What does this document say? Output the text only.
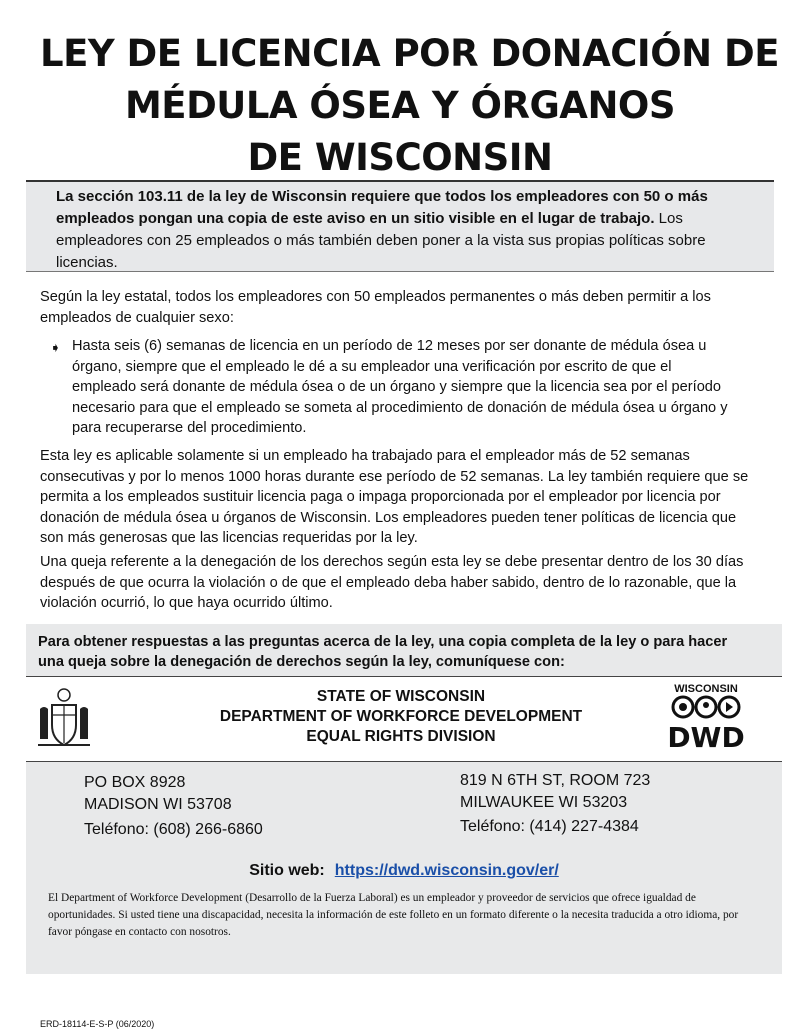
LEY DE LICENCIA POR DONACIÓN DE
MÉDULA ÓSEA Y ÓRGANOS
DE WISCONSIN
La sección 103.11 de la ley de Wisconsin requiere que todos los empleadores con 50 o más empleados pongan una copia de este aviso en un sitio visible en el lugar de trabajo. Los empleadores con 25 empleados o más también deben poner a la vista sus propias políticas sobre licencias.
Según la ley estatal, todos los empleadores con 50 empleados permanentes o más deben permitir a los empleados de cualquier sexo:
➧ Hasta seis (6) semanas de licencia en un período de 12 meses por ser donante de médula ósea u órgano, siempre que el empleado le dé a su empleador una verificación por escrito de que el empleado será donante de médula ósea o de un órgano y siempre que la licencia sea por el período necesario para que el empleado se someta al procedimiento de donación de médula ósea u órgano y para recuperarse del procedimiento.
Esta ley es aplicable solamente si un empleado ha trabajado para el empleador más de 52 semanas consecutivas y por lo menos 1000 horas durante ese período de 52 semanas. La ley también requiere que se permita a los empleados sustituir licencia paga o impaga proporcionada por el empleador por licencia por donación de médula ósea u órganos de Wisconsin. Los empleadores pueden tener políticas de licencia que son más generosas que las licencias requeridas por la ley.
Una queja referente a la denegación de los derechos según esta ley se debe presentar dentro de los 30 días después de que ocurra la violación o de que el empleado deba haber sabido, dentro de lo razonable, que la violación ocurrió, lo que haya ocurrido último.
Para obtener respuestas a las preguntas acerca de la ley, una copia completa de la ley o para hacer una queja sobre la denegación de derechos según la ley, comuníquese con:
STATE OF WISCONSIN
DEPARTMENT OF WORKFORCE DEVELOPMENT
EQUAL RIGHTS DIVISION
WISCONSIN
DWD
PO BOX 8928
MADISON WI 53708
Teléfono: (608) 266-6860
819 N 6TH ST, ROOM 723
MILWAUKEE WI 53203
Teléfono: (414) 227-4384
Sitio web: https://dwd.wisconsin.gov/er/
El Department of Workforce Development (Desarrollo de la Fuerza Laboral) es un empleador y proveedor de servicios que ofrece igualdad de oportunidades. Si usted tiene una discapacidad, necesita la información de este folleto en un formato diferente o la necesita traducida a otro idioma, por favor póngase en contacto con nosotros.
ERD-18114-E-S-P (06/2020)
